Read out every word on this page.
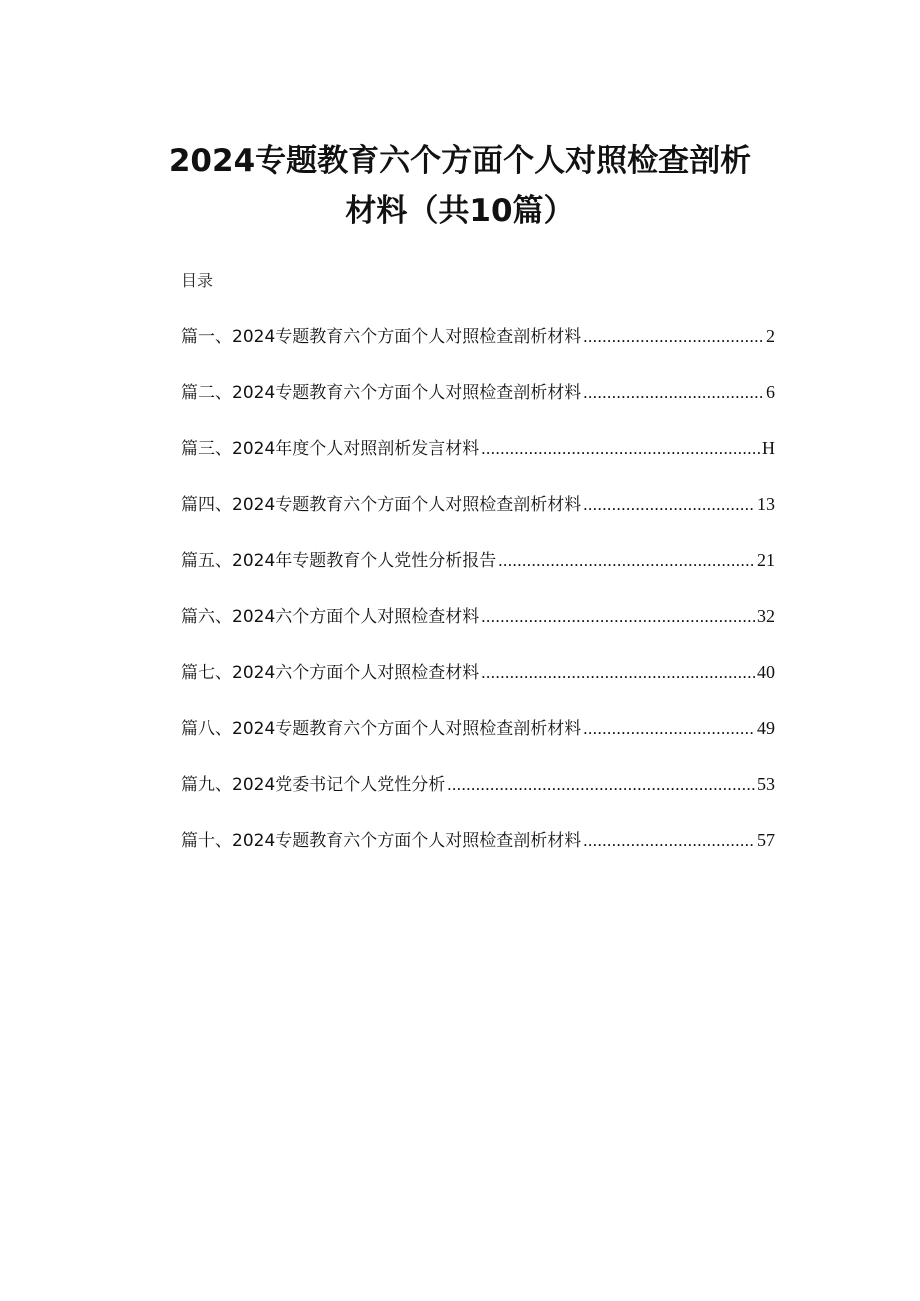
2024专题教育六个方面个人对照检查剖析
材料（共10篇）
目录
篇一、2024专题教育六个方面个人对照检查剖析材料 .....	2
篇二、2024专题教育六个方面个人对照检查剖析材料 .....	6
篇三、2024年度个人对照剖析发言材料 .....	H
篇四、2024专题教育六个方面个人对照检查剖析材料 .....	13
篇五、2024年专题教育个人党性分析报告 .....	21
篇六、2024六个方面个人对照检查材料 .....	32
篇七、2024六个方面个人对照检查材料 .....	40
篇八、2024专题教育六个方面个人对照检查剖析材料 .....	49
篇九、2024党委书记个人党性分析 .....	53
篇十、2024专题教育六个方面个人对照检查剖析材料 .....	57
